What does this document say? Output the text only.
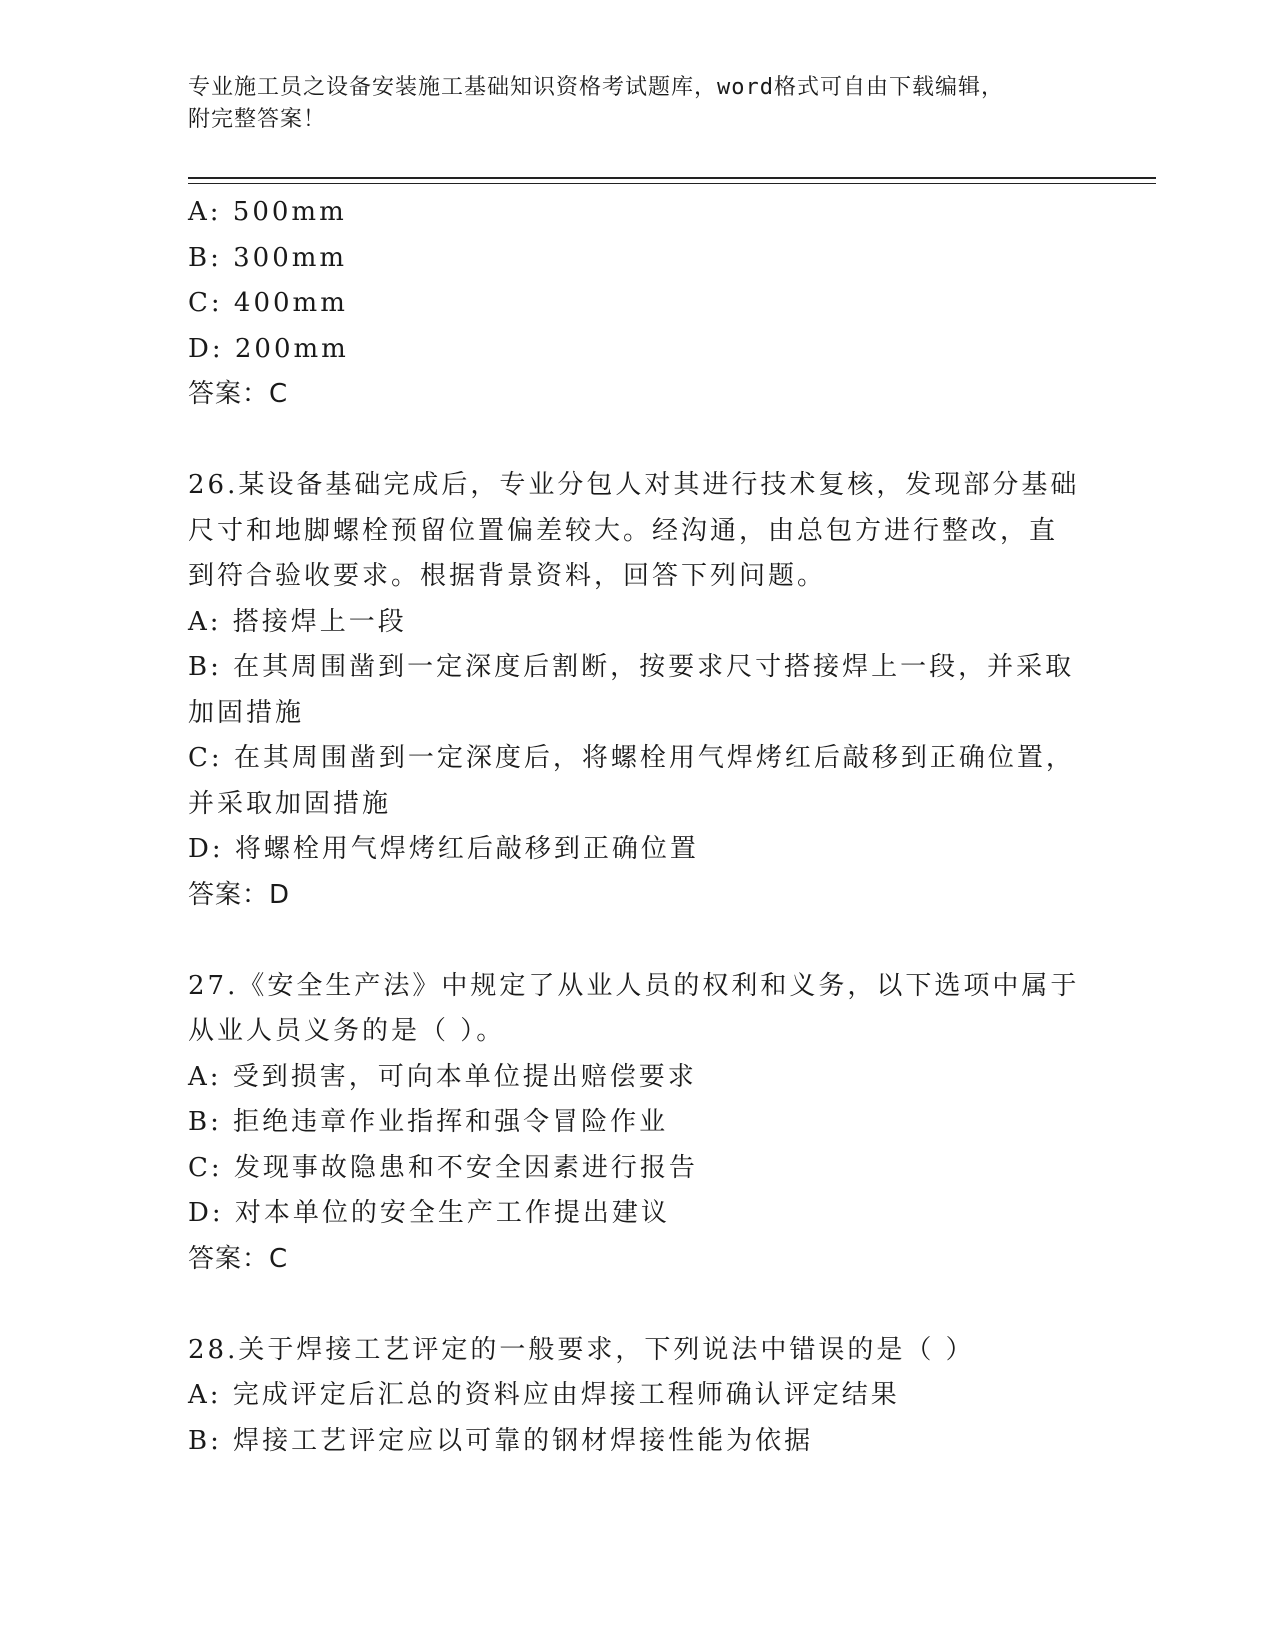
专业施工员之设备安装施工基础知识资格考试题库，word格式可自由下载编辑，
附完整答案！
A: 500mm
B: 300mm
C: 400mm
D: 200mm
答案：C
26.某设备基础完成后，专业分包人对其进行技术复核，发现部分基础
尺寸和地脚螺栓预留位置偏差较大。经沟通，由总包方进行整改，直
到符合验收要求。根据背景资料，回答下列问题。
A: 搭接焊上一段
B: 在其周围凿到一定深度后割断，按要求尺寸搭接焊上一段，并采取
加固措施
C: 在其周围凿到一定深度后，将螺栓用气焊烤红后敲移到正确位置，
并采取加固措施
D: 将螺栓用气焊烤红后敲移到正确位置
答案：D
27.《安全生产法》中规定了从业人员的权利和义务，以下选项中属于
从业人员义务的是（ ）。
A: 受到损害，可向本单位提出赔偿要求
B: 拒绝违章作业指挥和强令冒险作业
C: 发现事故隐患和不安全因素进行报告
D: 对本单位的安全生产工作提出建议
答案：C
28.关于焊接工艺评定的一般要求，下列说法中错误的是（ ）
A: 完成评定后汇总的资料应由焊接工程师确认评定结果
B: 焊接工艺评定应以可靠的钢材焊接性能为依据
